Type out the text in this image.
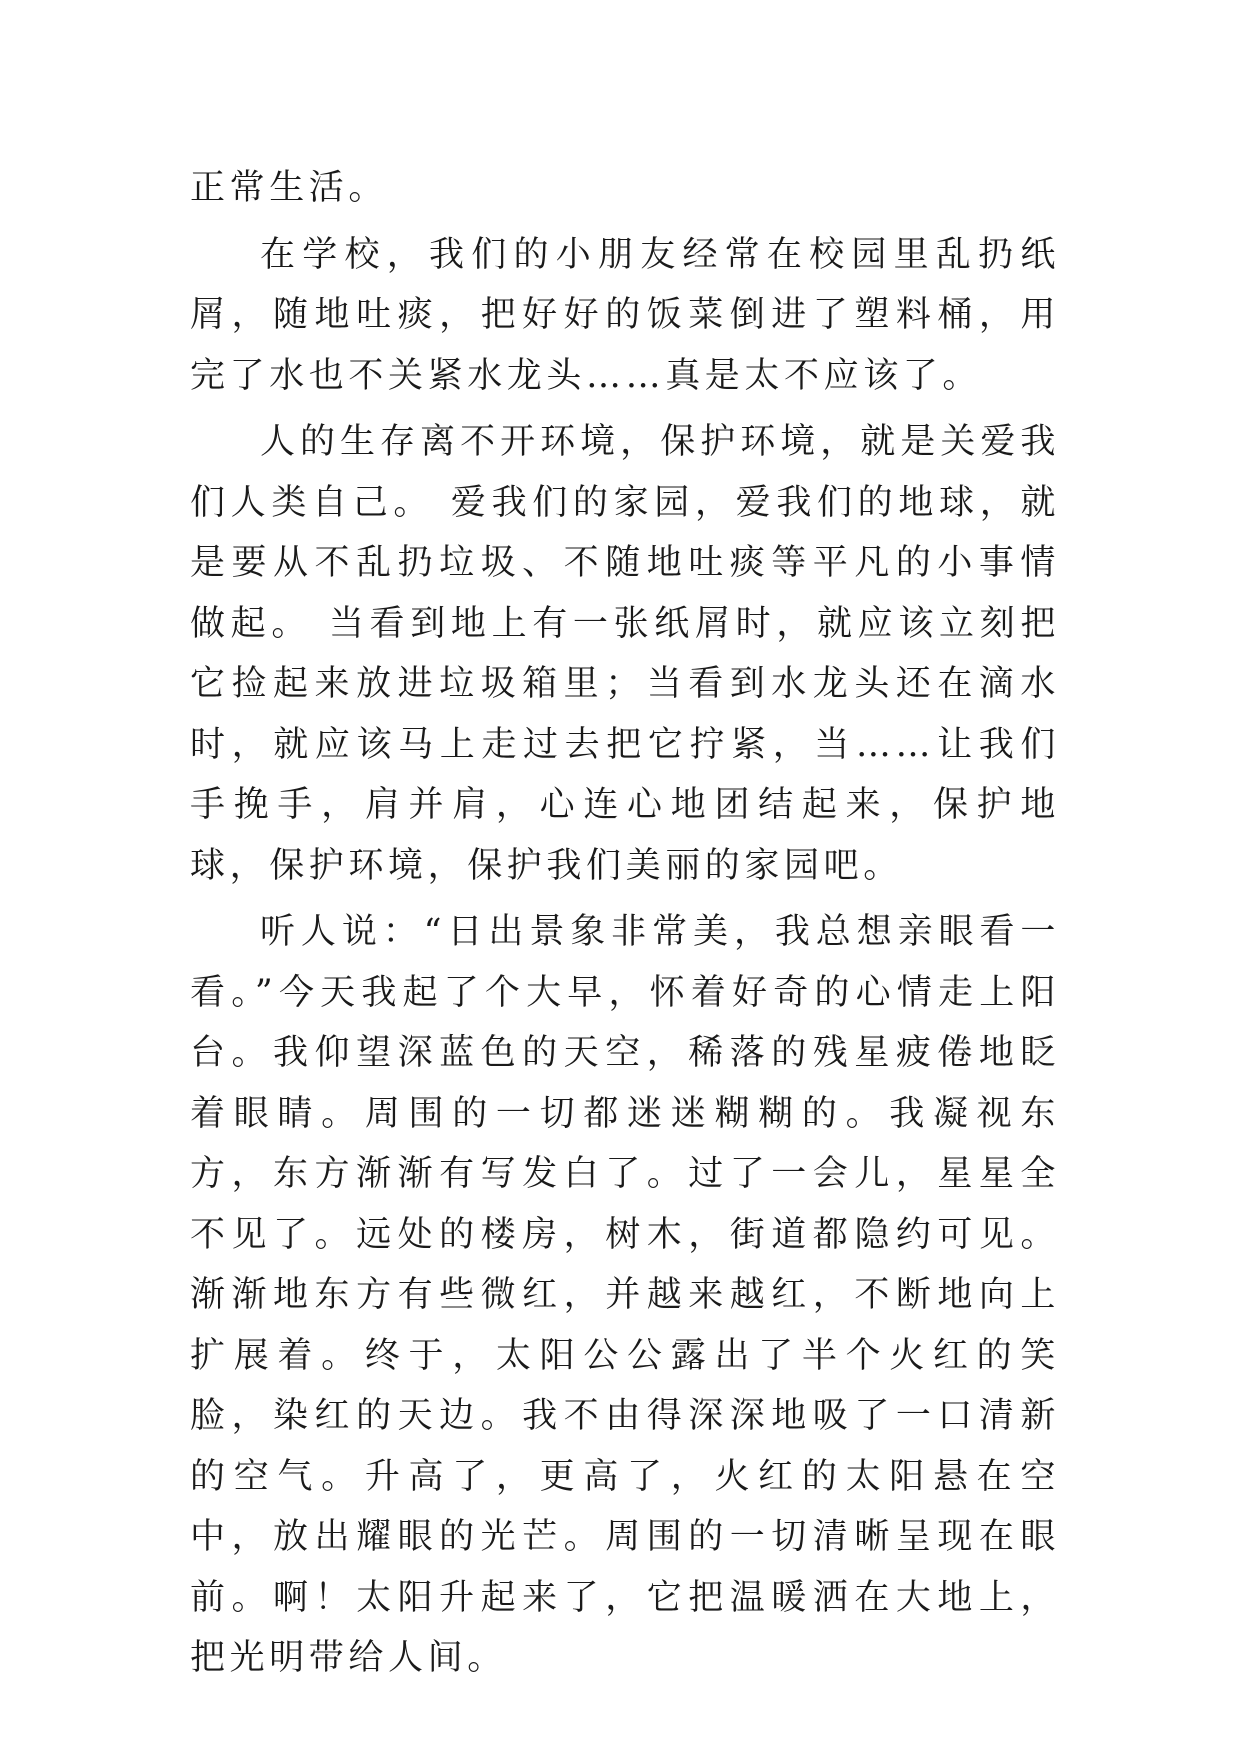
正常生活。

在学校，我们的小朋友经常在校园里乱扔纸屑，随地吐痰，把好好的饭菜倒进了塑料桶，用完了水也不关紧水龙头……真是太不应该了。

人的生存离不开环境，保护环境，就是关爱我们人类自己。 爱我们的家园，爱我们的地球，就是要从不乱扔垃圾、不随地吐痰等平凡的小事情做起。 当看到地上有一张纸屑时，就应该立刻把它捡起来放进垃圾箱里；当看到水龙头还在滴水时，就应该马上走过去把它拧紧，当……让我们手挽手，肩并肩，心连心地团结起来，保护地球，保护环境，保护我们美丽的家园吧。

听人说：“日出景象非常美，我总想亲眼看一看。”今天我起了个大早，怀着好奇的心情走上阳台。我仰望深蓝色的天空，稀落的残星疲倦地眨着眼睛。周围的一切都迷迷糊糊的。我凝视东方，东方渐渐有写发白了。过了一会儿，星星全不见了。远处的楼房，树木，街道都隐约可见。渐渐地东方有些微红，并越来越红，不断地向上扩展着。终于，太阳公公露出了半个火红的笑脸，染红的天边。我不由得深深地吸了一口清新的空气。升高了，更高了，火红的太阳悬在空中，放出耀眼的光芒。周围的一切清晰呈现在眼前。啊！太阳升起来了，它把温暖洒在大地上，把光明带给人间。
